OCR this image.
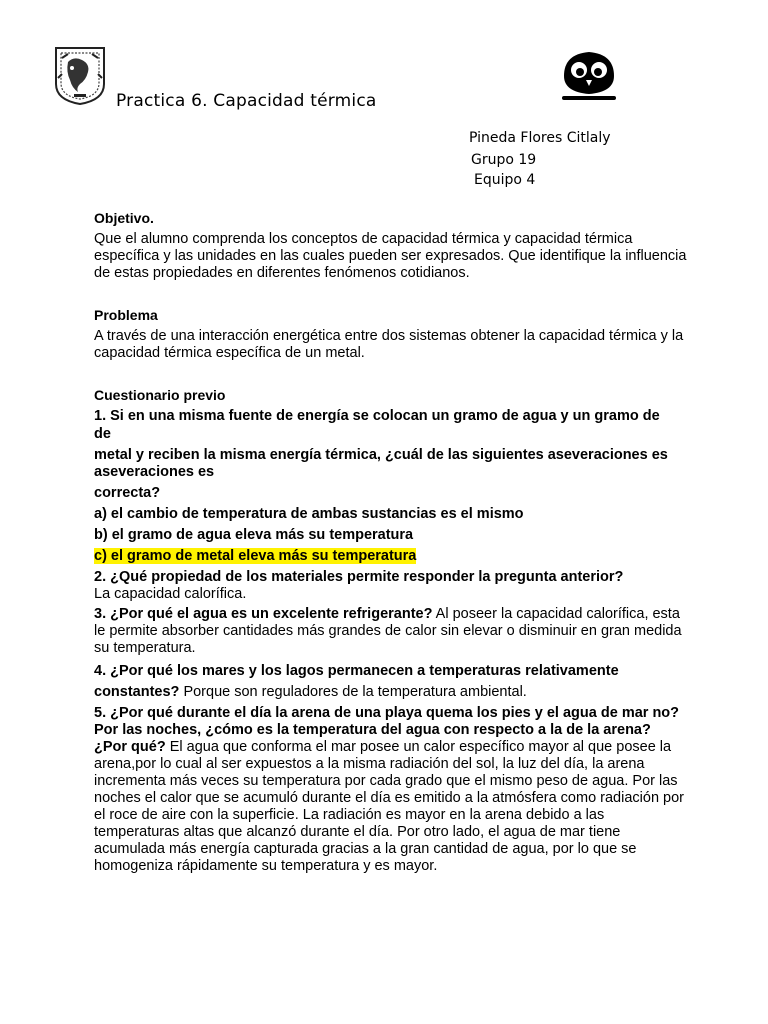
Practica 6. Capacidad térmica
Pineda Flores Citlaly
Grupo 19
Equipo 4
Objetivo.
Que el alumno comprenda los conceptos de capacidad térmica y capacidad térmica específica y las unidades en las cuales pueden ser expresados. Que identifique la influencia de estas propiedades en diferentes fenómenos cotidianos.
Problema
A través de una interacción energética entre dos sistemas obtener la capacidad térmica y la capacidad térmica específica de un metal.
Cuestionario previo
1. Si en una misma fuente de energía se colocan un gramo de agua y un gramo de
de
metal y reciben la misma energía térmica, ¿cuál de las siguientes aseveraciones es
aseveraciones es
correcta?
a) el cambio de temperatura de ambas sustancias es el mismo
b) el gramo de agua eleva más su temperatura
c) el gramo de metal eleva más su temperatura
2. ¿Qué propiedad de los materiales permite responder la pregunta anterior?
La capacidad calorífica.
3. ¿Por qué el agua es un excelente refrigerante? Al poseer la capacidad calorífica, esta le permite absorber cantidades más grandes de calor sin elevar o disminuir en gran medida su temperatura.
4. ¿Por qué los mares y los lagos permanecen a temperaturas relativamente
constantes? Porque son reguladores de la temperatura ambiental.
5. ¿Por qué durante el día la arena de una playa quema los pies y el agua de mar no? Por las noches, ¿cómo es la temperatura del agua con respecto a la de la arena? ¿Por qué? El agua que conforma el mar posee un calor específico mayor al que posee la arena,por lo cual al ser expuestos a la misma radiación del sol, la luz del día, la arena incrementa más veces su temperatura por cada grado que el mismo peso de agua. Por las noches el calor que se acumuló durante el día es emitido a la atmósfera como radiación por el roce de aire con la superficie. La radiación es mayor en la arena debido a las temperaturas altas que alcanzó durante el día. Por otro lado, el agua de mar tiene acumulada más energía capturada gracias a la gran cantidad de agua, por lo que se homogeniza rápidamente su temperatura y es mayor.
